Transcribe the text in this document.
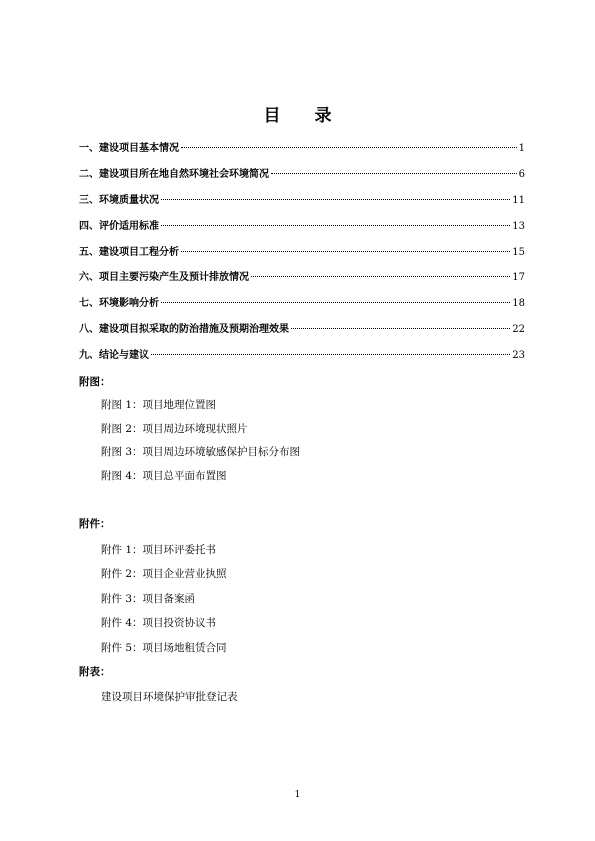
目 录
一、建设项目基本情况	1
二、建设项目所在地自然环境社会环境简况	6
三、环境质量状况	11
四、评价适用标准	13
五、建设项目工程分析	15
六、项目主要污染产生及预计排放情况	17
七、环境影响分析	18
八、建设项目拟采取的防治措施及预期治理效果	22
九、结论与建议	23
附图：
附图 1：项目地理位置图
附图 2：项目周边环境现状照片
附图 3：项目周边环境敏感保护目标分布图
附图 4：项目总平面布置图
附件：
附件 1：项目环评委托书
附件 2：项目企业营业执照
附件 3：项目备案函
附件 4：项目投资协议书
附件 5：项目场地租赁合同
附表：
建设项目环境保护审批登记表
1
